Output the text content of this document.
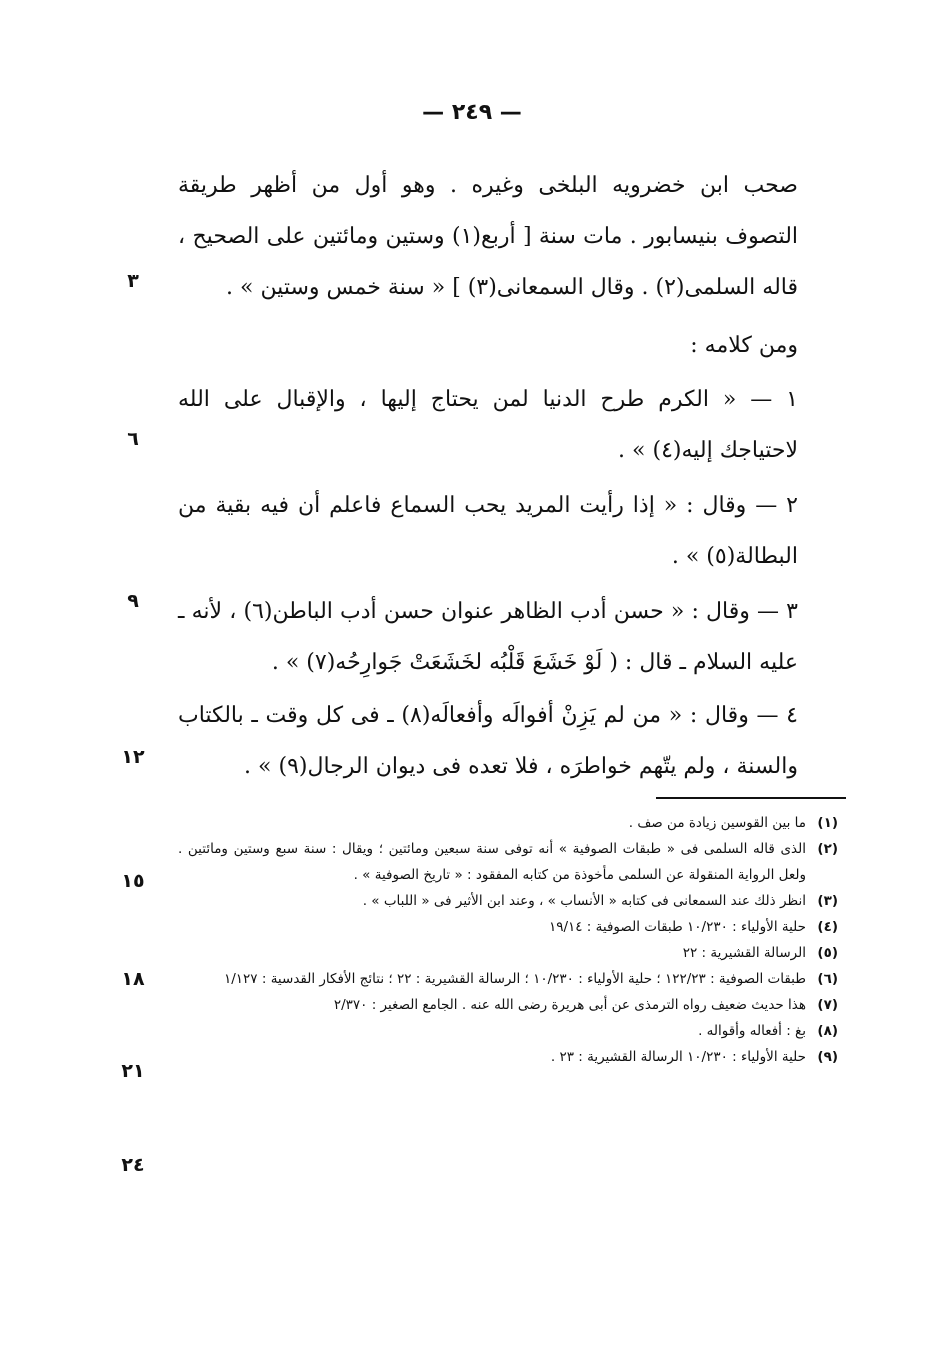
— ٢٤٩ —

صحب ابن خضرويه البلخى وغيره . وهو أول من أظهر طريقة التصوف بنيسابور . مات سنة [ أربع(١) وستين ومائتين على الصحيح ، قاله السلمى(٢) . وقال السمعانى(٣) ] « سنة خمس وستين » .

ومن كلامه :

١ — « الكرم طرح الدنيا لمن يحتاج إليها ، والإقبال على الله لاحتياجك إليه(٤) » .

٢ — وقال : « إذا رأيت المريد يحب السماع فاعلم أن فيه بقية من البطالة(٥) » .

٣ — وقال : « حسن أدب الظاهر عنوان حسن أدب الباطن(٦) ، لأنه ـ عليه السلام ـ قال : ( لَوْ خَشَعَ قَلْبُه لخَشَعَتْ جَوارِحُه(٧) » .

٤ — وقال : « من لم يَزِنْ أفوالَه وأفعالَه(٨) ـ فى كل وقت ـ بالكتاب والسنة ، ولم يتّهم خواطرَه ، فلا تعده فى ديوان الرجال(٩) » .

(١)
ما بين القوسين زيادة من صف .
(٢)
الذى قاله السلمى فى « طبقات الصوفية » أنه توفى سنة سبعين ومائتين ؛ ويقال : سنة سبع وستين ومائتين . ولعل الرواية المنقولة عن السلمى مأخوذة من كتابه المفقود : « تاريخ الصوفية » .
(٣)
انظر ذلك عند السمعانى فى كتابه « الأنساب » ، وعند ابن الأثير فى « اللباب » .
(٤)
حلية الأولياء : ١٠/٢٣٠ طبقات الصوفية : ١٩/١٤
(٥)
الرسالة القشيرية : ٢٢
(٦)
طبقات الصوفية : ١٢٢/٢٣ ؛ حلية الأولياء : ١٠/٢٣٠ ؛ الرسالة القشيرية : ٢٢ ؛ نتائج الأفكار القدسية : ١/١٢٧
(٧)
هذا حديث ضعيف رواه الترمذى عن أبى هريرة رضى الله عنه . الجامع الصغير : ٢/٣٧٠
(٨)
بغ : أفعاله وأقواله .
(٩)
حلية الأولياء : ١٠/٢٣٠ الرسالة القشيرية : ٢٣ .
٣
٦
٩
١٢
١٥
١٨
٢١
٢٤
